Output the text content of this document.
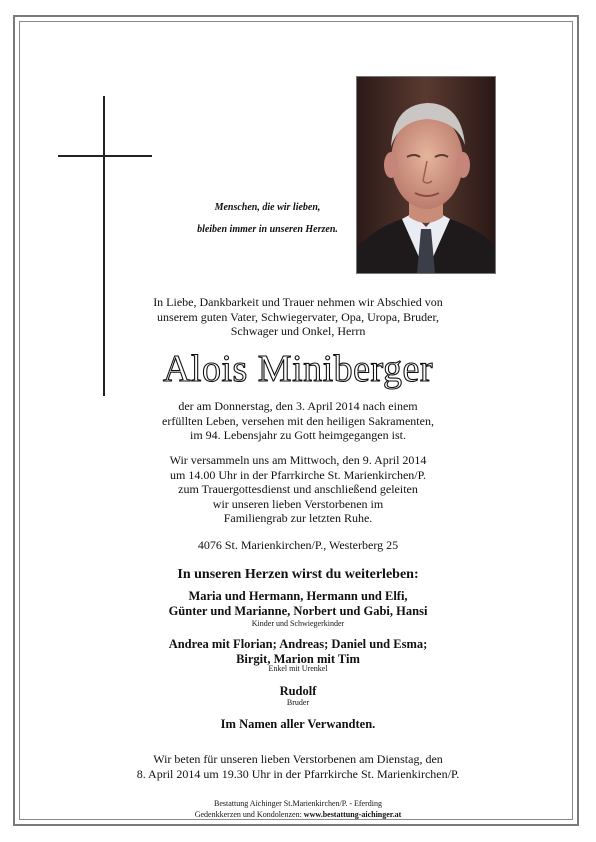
Menschen, die wir lieben,
bleiben immer in unseren Herzen.
In Liebe, Dankbarkeit und Trauer nehmen wir Abschied von
unserem guten Vater, Schwiegervater, Opa, Uropa, Bruder,
Schwager und Onkel, Herrn
Alois Miniberger
der am Donnerstag, den 3. April 2014 nach einem
erfüllten Leben, versehen mit den heiligen Sakramenten,
im 94. Lebensjahr zu Gott heimgegangen ist.
Wir versammeln uns am Mittwoch, den 9. April 2014
um 14.00 Uhr in der Pfarrkirche St. Marienkirchen/P.
zum Trauergottesdienst und anschließend geleiten
wir unseren lieben Verstorbenen im
Familiengrab zur letzten Ruhe.
4076 St. Marienkirchen/P., Westerberg 25
In unseren Herzen wirst du weiterleben:
Maria und Hermann, Hermann und Elfi,
Günter und Marianne, Norbert und Gabi, Hansi
Kinder und Schwiegerkinder
Andrea mit Florian; Andreas; Daniel und Esma;
Birgit, Marion mit Tim
Enkel mit Urenkel
Rudolf
Bruder
Im Namen aller Verwandten.
Wir beten für unseren lieben Verstorbenen am Dienstag, den
8. April 2014 um 19.30 Uhr in der Pfarrkirche St. Marienkirchen/P.
Bestattung Aichinger St.Marienkirchen/P. - Eferding
Gedenkkerzen und Kondolenzen: www.bestattung-aichinger.at
